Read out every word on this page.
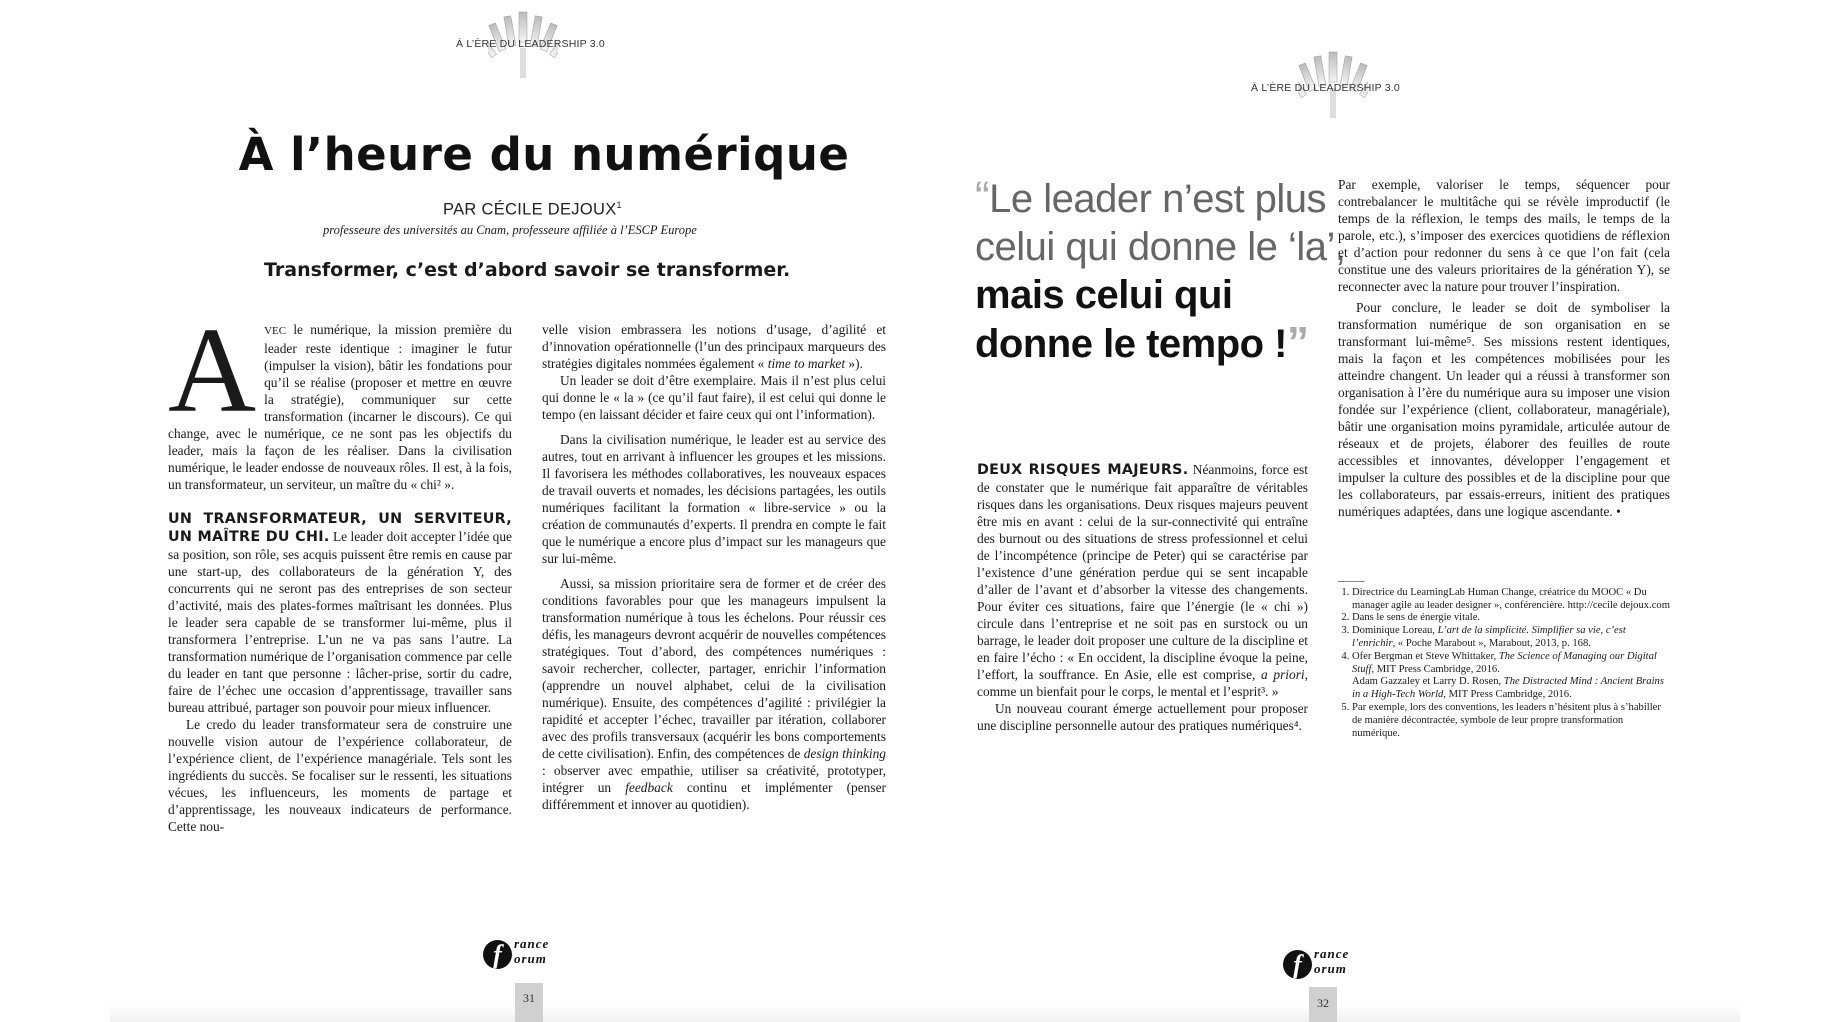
À L’ÈRE DU LEADERSHIP 3.0
À l’heure du numérique
PAR CÉCILE DEJOUX$^1$
professeure des universités au Cnam, professeure affiliée à l’ESCP Europe
Transformer, c’est d’abord savoir se transformer.

AVEC le numérique, la mission première du leader reste identique : imaginer le futur (impulser la vision), bâtir les fondations pour qu’il se réalise (proposer et mettre en œuvre la stratégie), communiquer sur cette transformation (incarner le discours). Ce qui change, avec le numérique, ce ne sont pas les objectifs du leader, mais la façon de les réaliser. Dans la civilisation numérique, le leader endosse de nouveaux rôles. Il est, à la fois, un transformateur, un serviteur, un maître du « chi² ».

UN TRANSFORMATEUR, UN SERVITEUR, UN MAÎTRE DU CHI. Le leader doit accepter l’idée que sa position, son rôle, ses acquis puissent être remis en cause par une start-up, des collaborateurs de la génération Y, des concurrents qui ne seront pas des entreprises de son secteur d’activité, mais des plates-formes maîtrisant les données. Plus le leader sera capable de se transformer lui-même, plus il transformera l’entreprise. L’un ne va pas sans l’autre. La transformation numérique de l’organisation commence par celle du leader en tant que personne : lâcher-prise, sortir du cadre, faire de l’échec une occasion d’apprentissage, travailler sans bureau attribué, partager son pouvoir pour mieux influencer.

Le credo du leader transformateur sera de construire une nouvelle vision autour de l’expérience collaborateur, de l’expérience client, de l’expérience managériale. Tels sont les ingrédients du succès. Se focaliser sur le ressenti, les situations vécues, les influenceurs, les moments de partage et d’apprentissage, les nouveaux indicateurs de performance. Cette nou-

velle vision embrassera les notions d’usage, d’agilité et d’innovation opérationnelle (l’un des principaux marqueurs des stratégies digitales nommées également « time to market »).

Un leader se doit d’être exemplaire. Mais il n’est plus celui qui donne le « la » (ce qu’il faut faire), il est celui qui donne le tempo (en laissant décider et faire ceux qui ont l’information).

Dans la civilisation numérique, le leader est au service des autres, tout en arrivant à influencer les groupes et les missions. Il favorisera les méthodes collaboratives, les nouveaux espaces de travail ouverts et nomades, les décisions partagées, les outils numériques facilitant la formation « libre-service » ou la création de communautés d’experts. Il prendra en compte le fait que le numérique a encore plus d’impact sur les manageurs que sur lui-même.

Aussi, sa mission prioritaire sera de former et de créer des conditions favorables pour que les manageurs impulsent la transformation numérique à tous les échelons. Pour réussir ces défis, les manageurs devront acquérir de nouvelles compétences stratégiques. Tout d’abord, des compétences numériques : savoir rechercher, collecter, partager, enrichir l’information (apprendre un nouvel alphabet, celui de la civilisation numérique). Ensuite, des compétences d’agilité : privilégier la rapidité et accepter l’échec, travailler par itération, collaborer avec des profils transversaux (acquérir les bons comportements de cette civilisation). Enfin, des compétences de design thinking : observer avec empathie, utiliser sa créativité, prototyper, intégrer un feedback continu et implémenter (penser différemment et innover au quotidien).

f rance
orum
31
À L’ÈRE DU LEADERSHIP 3.0
“Le leader n’est plus
celui qui donne le ‘la’,
mais celui qui
donne le tempo !”

DEUX RISQUES MAJEURS. Néanmoins, force est de constater que le numérique fait apparaître de véritables risques dans les organisations. Deux risques majeurs peuvent être mis en avant : celui de la sur-connectivité qui entraîne des burnout ou des situations de stress professionnel et celui de l’incompétence (principe de Peter) qui se caractérise par l’existence d’une génération perdue qui se sent incapable d’aller de l’avant et d’absorber la vitesse des changements. Pour éviter ces situations, faire que l’énergie (le « chi ») circule dans l’entreprise et ne soit pas en surstock ou un barrage, le leader doit proposer une culture de la discipline et en faire l’écho : « En occident, la discipline évoque la peine, l’effort, la souffrance. En Asie, elle est comprise, a priori, comme un bienfait pour le corps, le mental et l’esprit³. »

Un nouveau courant émerge actuellement pour proposer une discipline personnelle autour des pratiques numériques⁴.

Par exemple, valoriser le temps, séquencer pour contrebalancer le multitâche qui se révèle improductif (le temps de la réflexion, le temps des mails, le temps de la parole, etc.), s’imposer des exercices quotidiens de réflexion et d’action pour redonner du sens à ce que l’on fait (cela constitue une des valeurs prioritaires de la génération Y), se reconnecter avec la nature pour trouver l’inspiration.

Pour conclure, le leader se doit de symboliser la transformation numérique de son organisation en se transformant lui-même⁵. Ses missions restent identiques, mais la façon et les compétences mobilisées pour les atteindre changent. Un leader qui a réussi à transformer son organisation à l’ère du numérique aura su imposer une vision fondée sur l’expérience (client, collaborateur, managériale), bâtir une organisation moins pyramidale, articulée autour de réseaux et de projets, élaborer des feuilles de route accessibles et innovantes, développer l’engagement et impulser la culture des possibles et de la discipline pour que les collaborateurs, par essais-erreurs, initient des pratiques numériques adaptées, dans une logique ascendante. •

_____
1. Directrice du LearningLab Human Change, créatrice du MOOC « Du manager agile au leader designer », conférencière. http://cecile dejoux.com
2. Dans le sens de énergie vitale.
3. Dominique Loreau, L’art de la simplicité. Simplifier sa vie, c’est l’enrichir, « Poche Marabout », Marabout, 2013, p. 168.
4. Ofer Bergman et Steve Whittaker, The Science of Managing our Digital Stuff, MIT Press Cambridge, 2016.
Adam Gazzaley et Larry D. Rosen, The Distracted Mind : Ancient Brains in a High-Tech World, MIT Press Cambridge, 2016.
5. Par exemple, lors des conventions, les leaders n’hésitent plus à s’habiller de manière décontractée, symbole de leur propre transformation numérique.
f rance
orum
32
